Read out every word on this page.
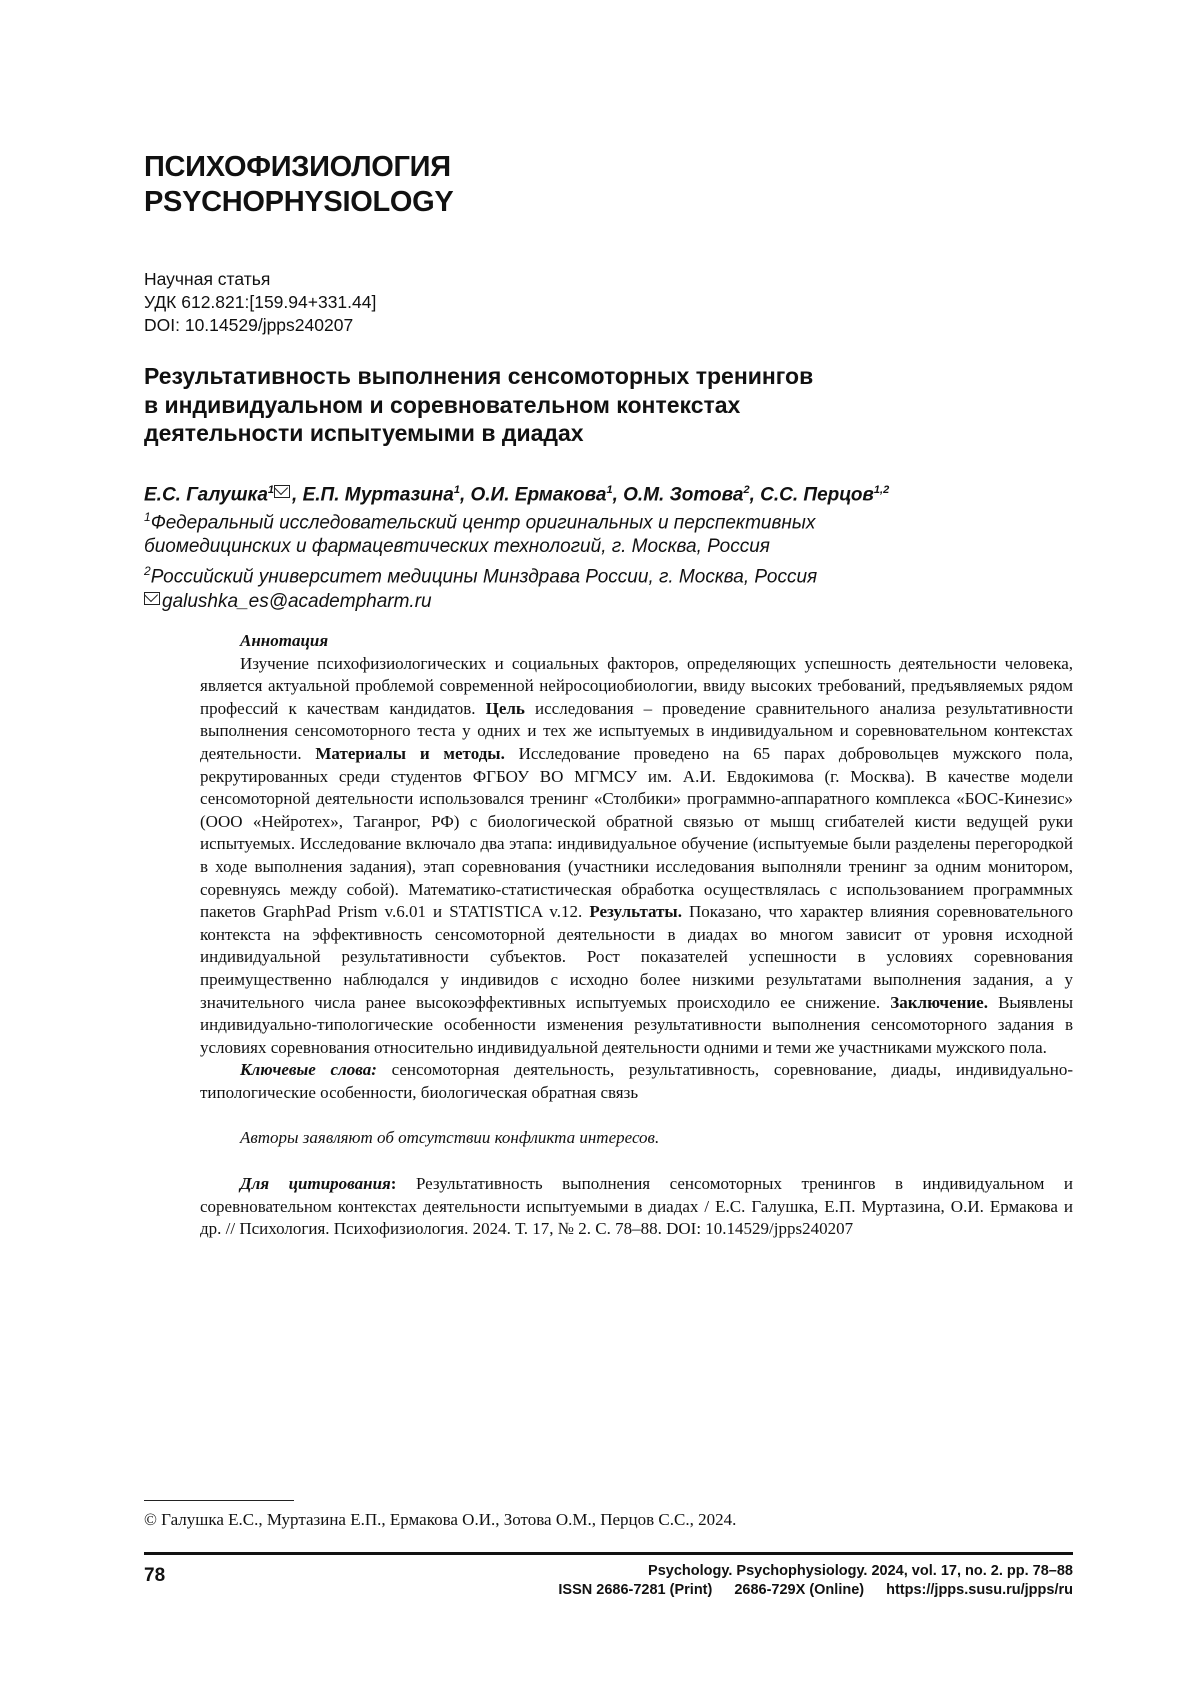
ПСИХОФИЗИОЛОГИЯ
PSYCHOPHYSIOLOGY
Научная статья
УДК 612.821:[159.94+331.44]
DOI: 10.14529/jpps240207
Результативность выполнения сенсомоторных тренингов
в индивидуальном и соревновательном контекстах
деятельности испытуемыми в диадах
Е.С. Галушка$^1$ , Е.П. Муртазина$^1$, О.И. Ермакова$^1$, О.М. Зотова$^2$, С.С. Перцов$^{1,2}$
$^1$Федеральный исследовательский центр оригинальных и перспективных
биомедицинских и фармацевтических технологий, г. Москва, Россия
$^2$Российский университет медицины Минздрава России, г. Москва, Россия
galushka_es@academpharm.ru
Аннотация

Изучение психофизиологических и социальных факторов, определяющих успешность деятельности человека, является актуальной проблемой современной нейросоциобиологии, ввиду высоких требований, предъявляемых рядом профессий к качествам кандидатов. Цель исследования – проведение сравнительного анализа результативности выполнения сенсомоторного теста у одних и тех же испытуемых в индивидуальном и соревновательном контекстах деятельности. Материалы и методы. Исследование проведено на 65 парах добровольцев мужского пола, рекрутированных среди студентов ФГБОУ ВО МГМСУ им. А.И. Евдокимова (г. Москва). В качестве модели сенсомоторной деятельности использовался тренинг «Столбики» программно-аппаратного комплекса «БОС-Кинезис» (ООО «Нейротех», Таганрог, РФ) с биологической обратной связью от мышц сгибателей кисти ведущей руки испытуемых. Исследование включало два этапа: индивидуальное обучение (испытуемые были разделены перегородкой в ходе выполнения задания), этап соревнования (участники исследования выполняли тренинг за одним монитором, соревнуясь между собой). Математико-статистическая обработка осуществлялась с использованием программных пакетов GraphPad Prism v.6.01 и STATISTICA v.12. Результаты. Показано, что характер влияния соревновательного контекста на эффективность сенсомоторной деятельности в диадах во многом зависит от уровня исходной индивидуальной результативности субъектов. Рост показателей успешности в условиях соревнования преимущественно наблюдался у индивидов с исходно более низкими результатами выполнения задания, а у значительного числа ранее высокоэффективных испытуемых происходило ее снижение. Заключение. Выявлены индивидуально-типологические особенности изменения результативности выполнения сенсомоторного задания в условиях соревнования относительно индивидуальной деятельности одними и теми же участниками мужского пола.

Ключевые слова: сенсомоторная деятельность, результативность, соревнование, диады, индивидуально-типологические особенности, биологическая обратная связь

Авторы заявляют об отсутствии конфликта интересов.

Для цитирования: Результативность выполнения сенсомоторных тренингов в индивидуальном и соревновательном контекстах деятельности испытуемыми в диадах / Е.С. Галушка, Е.П. Муртазина, О.И. Ермакова и др. // Психология. Психофизиология. 2024. Т. 17, № 2. С. 78–88. DOI: 10.14529/jpps240207

© Галушка Е.С., Муртазина Е.П., Ермакова О.И., Зотова О.М., Перцов С.С., 2024.
78	Psychology. Psychophysiology. 2024, vol. 17, no. 2. pp. 78–88
ISSN 2686-7281 (Print) 2686-729X (Online) https://jpps.susu.ru/jpps/ru
